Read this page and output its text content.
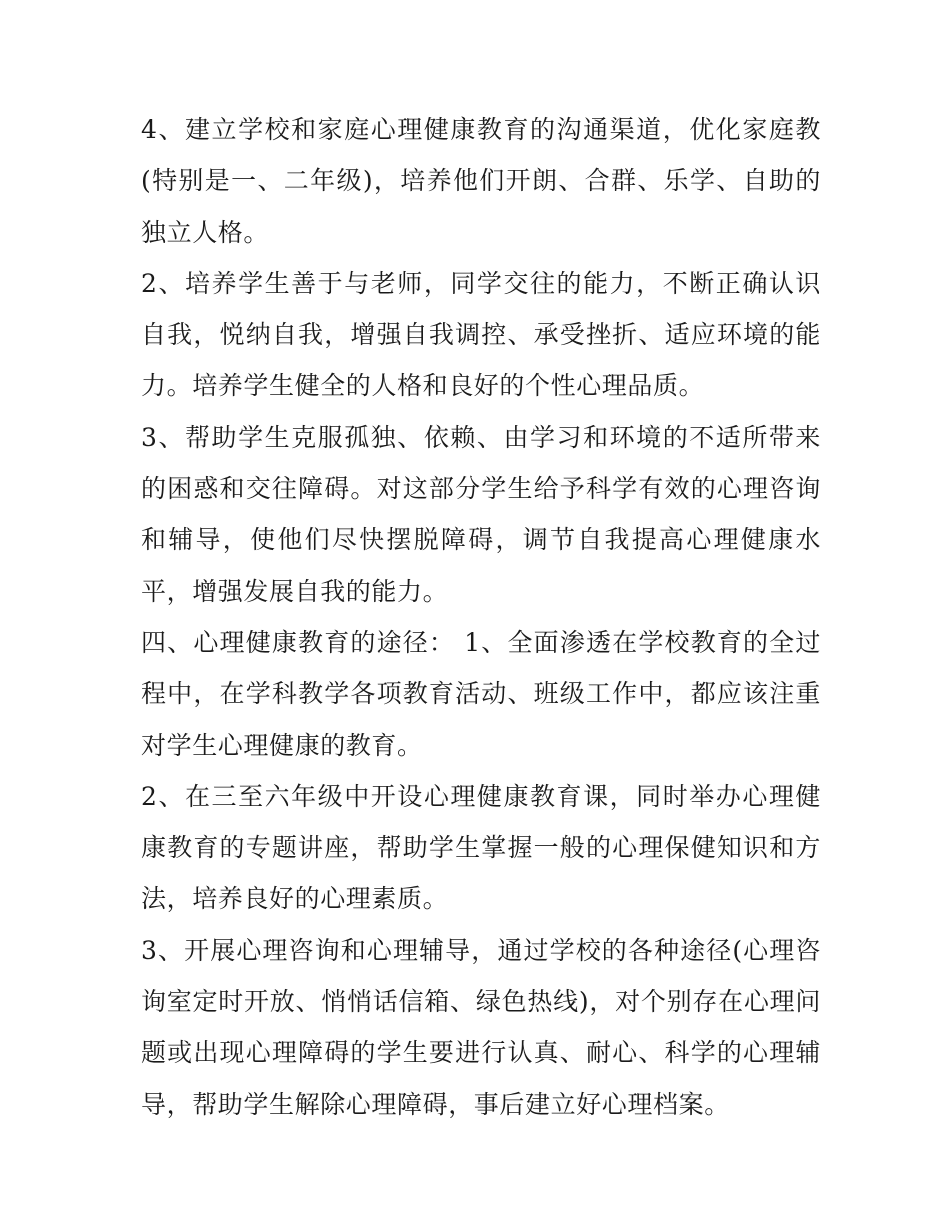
4、建立学校和家庭心理健康教育的沟通渠道，优化家庭教(特别是一、二年级)，培养他们开朗、合群、乐学、自助的独立人格。

2、培养学生善于与老师，同学交往的能力，不断正确认识自我，悦纳自我，增强自我调控、承受挫折、适应环境的能力。培养学生健全的人格和良好的个性心理品质。

3、帮助学生克服孤独、依赖、由学习和环境的不适所带来的困惑和交往障碍。对这部分学生给予科学有效的心理咨询和辅导，使他们尽快摆脱障碍，调节自我提高心理健康水平，增强发展自我的能力。

四、心理健康教育的途径： 1、全面渗透在学校教育的全过程中，在学科教学各项教育活动、班级工作中，都应该注重对学生心理健康的教育。

2、在三至六年级中开设心理健康教育课，同时举办心理健康教育的专题讲座，帮助学生掌握一般的心理保健知识和方法，培养良好的心理素质。

3、开展心理咨询和心理辅导，通过学校的各种途径(心理咨询室定时开放、悄悄话信箱、绿色热线)，对个别存在心理问题或出现心理障碍的学生要进行认真、耐心、科学的心理辅导，帮助学生解除心理障碍，事后建立好心理档案。
